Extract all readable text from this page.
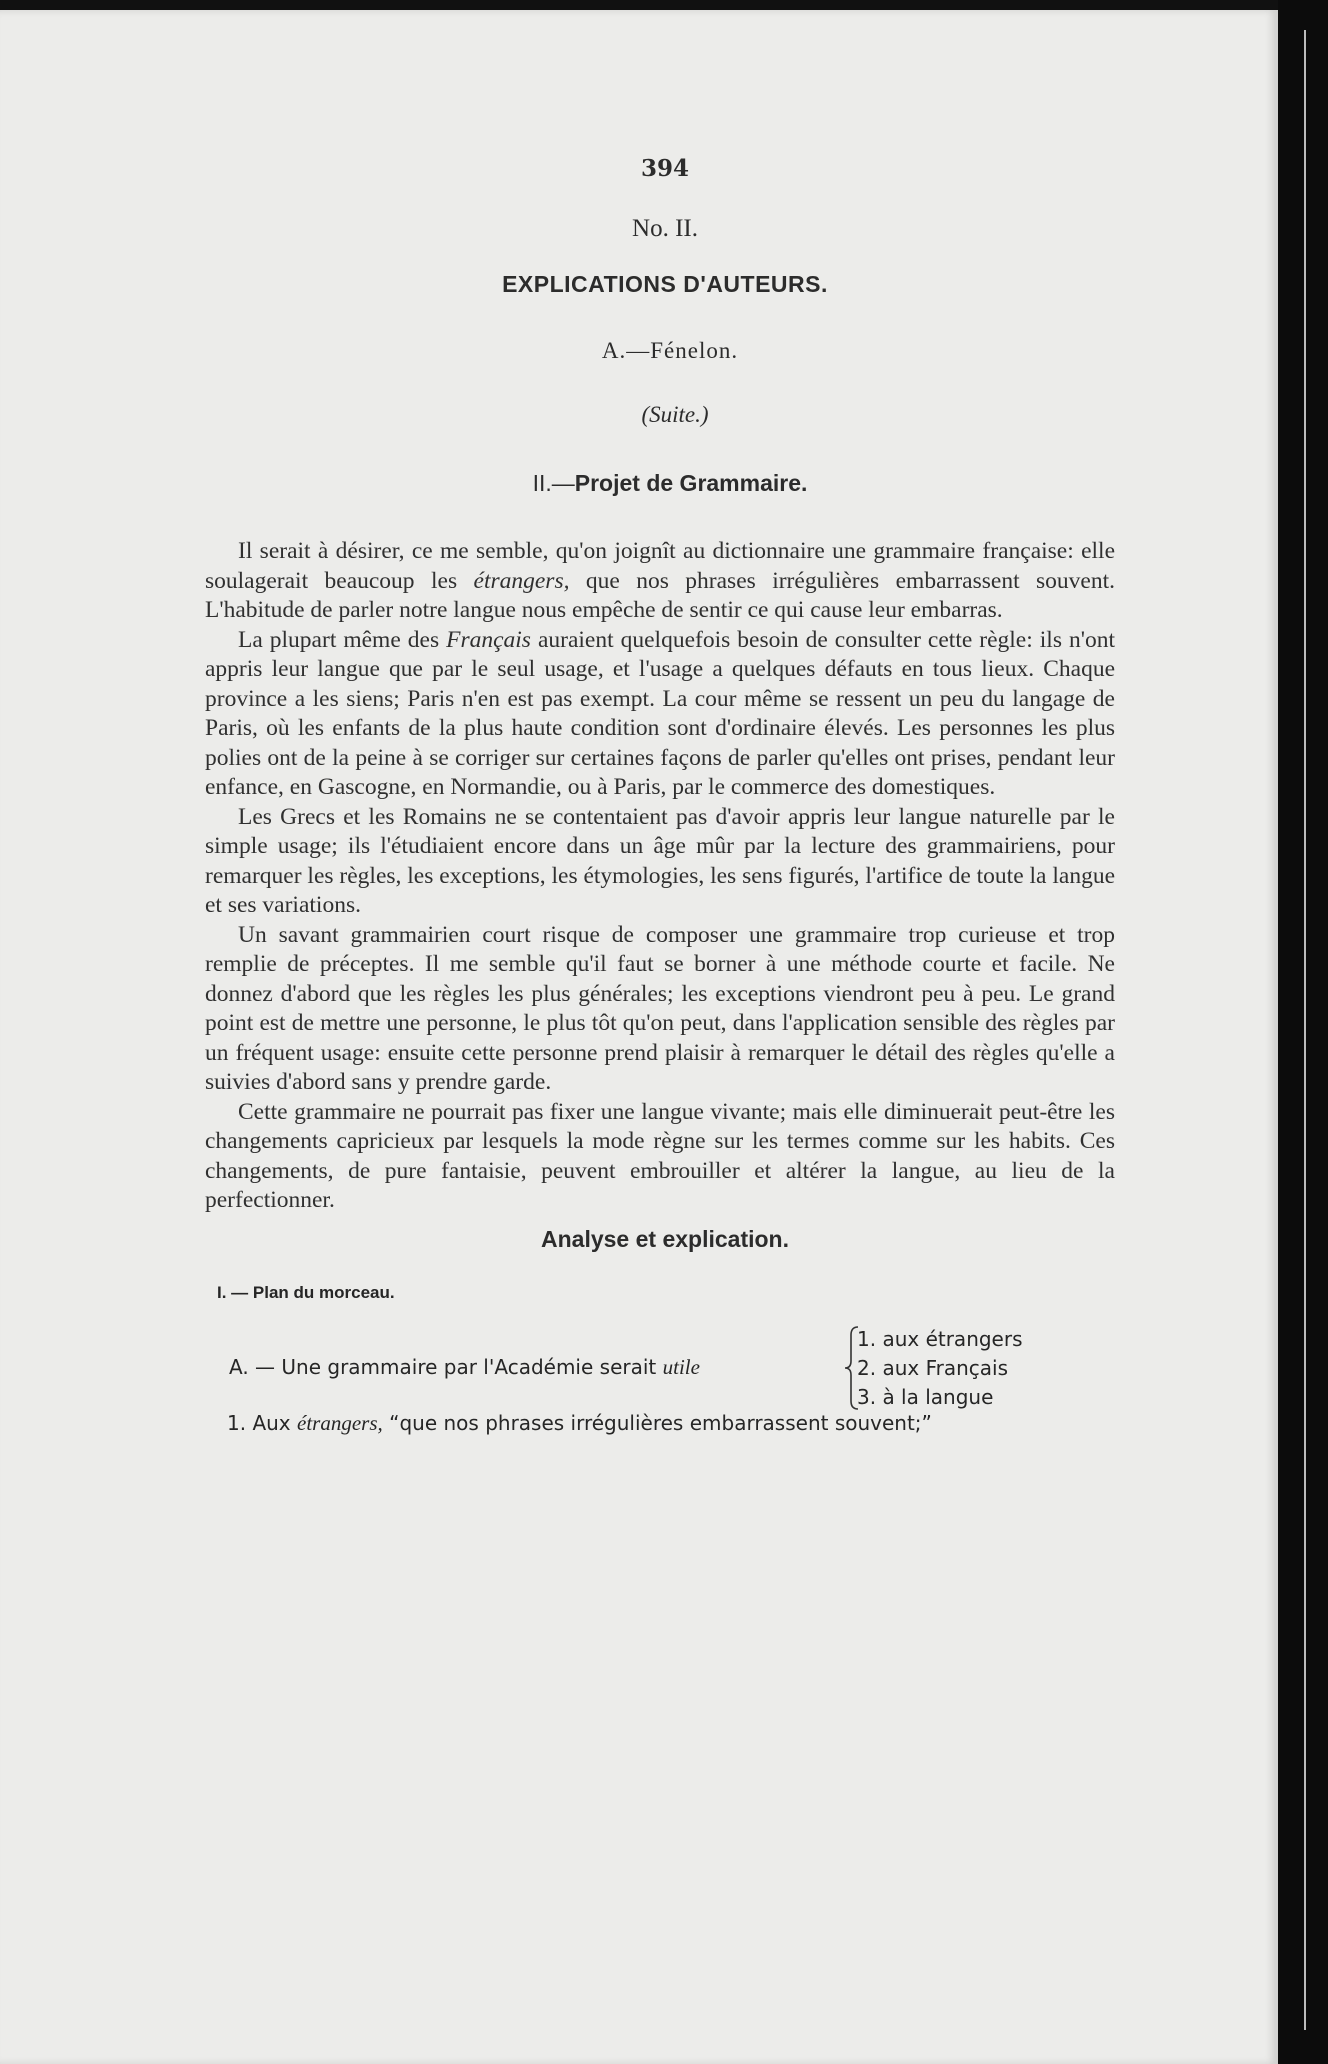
394
No. II.
EXPLICATIONS D'AUTEURS.
A.—Fénelon.
(Suite.)
II.—Projet de Grammaire.

Il serait à désirer, ce me semble, qu'on joignît au dictionnaire une grammaire française: elle soulagerait beaucoup les étrangers, que nos phrases irrégulières embarrassent souvent. L'habitude de parler notre langue nous empêche de sentir ce qui cause leur embarras.

La plupart même des Français auraient quelquefois besoin de consulter cette règle: ils n'ont appris leur langue que par le seul usage, et l'usage a quelques défauts en tous lieux. Chaque province a les siens; Paris n'en est pas exempt. La cour même se ressent un peu du langage de Paris, où les enfants de la plus haute condition sont d'ordinaire élevés. Les personnes les plus polies ont de la peine à se corriger sur certaines façons de parler qu'elles ont prises, pendant leur enfance, en Gascogne, en Normandie, ou à Paris, par le commerce des domestiques.

Les Grecs et les Romains ne se contentaient pas d'avoir appris leur langue naturelle par le simple usage; ils l'étudiaient encore dans un âge mûr par la lecture des grammairiens, pour remarquer les règles, les exceptions, les étymologies, les sens figurés, l'artifice de toute la langue et ses variations.

Un savant grammairien court risque de composer une grammaire trop curieuse et trop remplie de préceptes. Il me semble qu'il faut se borner à une méthode courte et facile. Ne donnez d'abord que les règles les plus générales; les exceptions viendront peu à peu. Le grand point est de mettre une personne, le plus tôt qu'on peut, dans l'application sensible des règles par un fréquent usage: ensuite cette personne prend plaisir à remarquer le détail des règles qu'elle a suivies d'abord sans y prendre garde.

Cette grammaire ne pourrait pas fixer une langue vivante; mais elle diminuerait peut-être les changements capricieux par lesquels la mode règne sur les termes comme sur les habits. Ces changements, de pure fantaisie, peuvent embrouiller et altérer la langue, au lieu de la perfectionner.

Analyse et explication.
I. — Plan du morceau.
A. — Une grammaire par l'Académie serait utile
1. aux étrangers
2. aux Français
3. à la langue
1. Aux étrangers, “que nos phrases irrégulières embarrassent souvent;”
